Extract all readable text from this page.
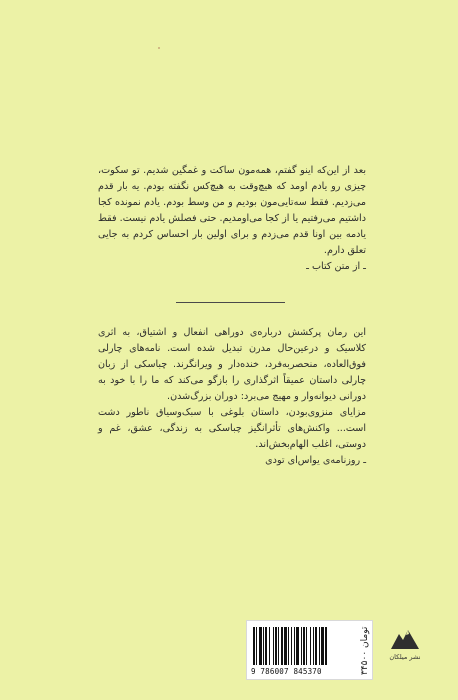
بعد از این‌که اینو گفتم، همه‌مون ساکت و غمگین شدیم. تو سکوت، چیزی رو یادم اومد که هیچ‌وقت به هیچ‌کس نگفته بودم. یه بار قدم می‌زدیم. فقط سه‌تایی‌مون بودیم و من وسط بودم. یادم نمونده کجا داشتیم می‌رفتیم یا از کجا می‌اومدیم. حتی فصلش یادم نیست. فقط یادمه بین اونا قدم می‌زدم و برای اولین بار احساس کردم به جایی تعلق دارم.

ـ از متن کتاب ـ

این رمان پرکشش درباره‌ی دوراهی انفعال و اشتیاق، به اثری کلاسیک و درعین‌حال مدرن تبدیل شده است. نامه‌های چارلی فوق‌العاده، منحصربه‌فرد، خنده‌دار و ویرانگرند. چباسکی از زبان چارلی داستان عمیقاً اثرگذاری را بازگو می‌کند که ما را با خود به دورانی دیوانه‌وار و مهیج می‌برد: دوران بزرگ‌شدن.

مزایای منزوی‌بودن، داستان بلوغی با سبک‌وسیاق ناطور دشت است... واکنش‌های تأثرانگیز چباسکی به زندگی، عشق، غم و دوستی، اغلب الهام‌بخش‌اند.

ـ روزنامه‌ی یواس‌ای تودی

9 786007 845370	۳۴۵۰۰ تومان
نشر میلکان
